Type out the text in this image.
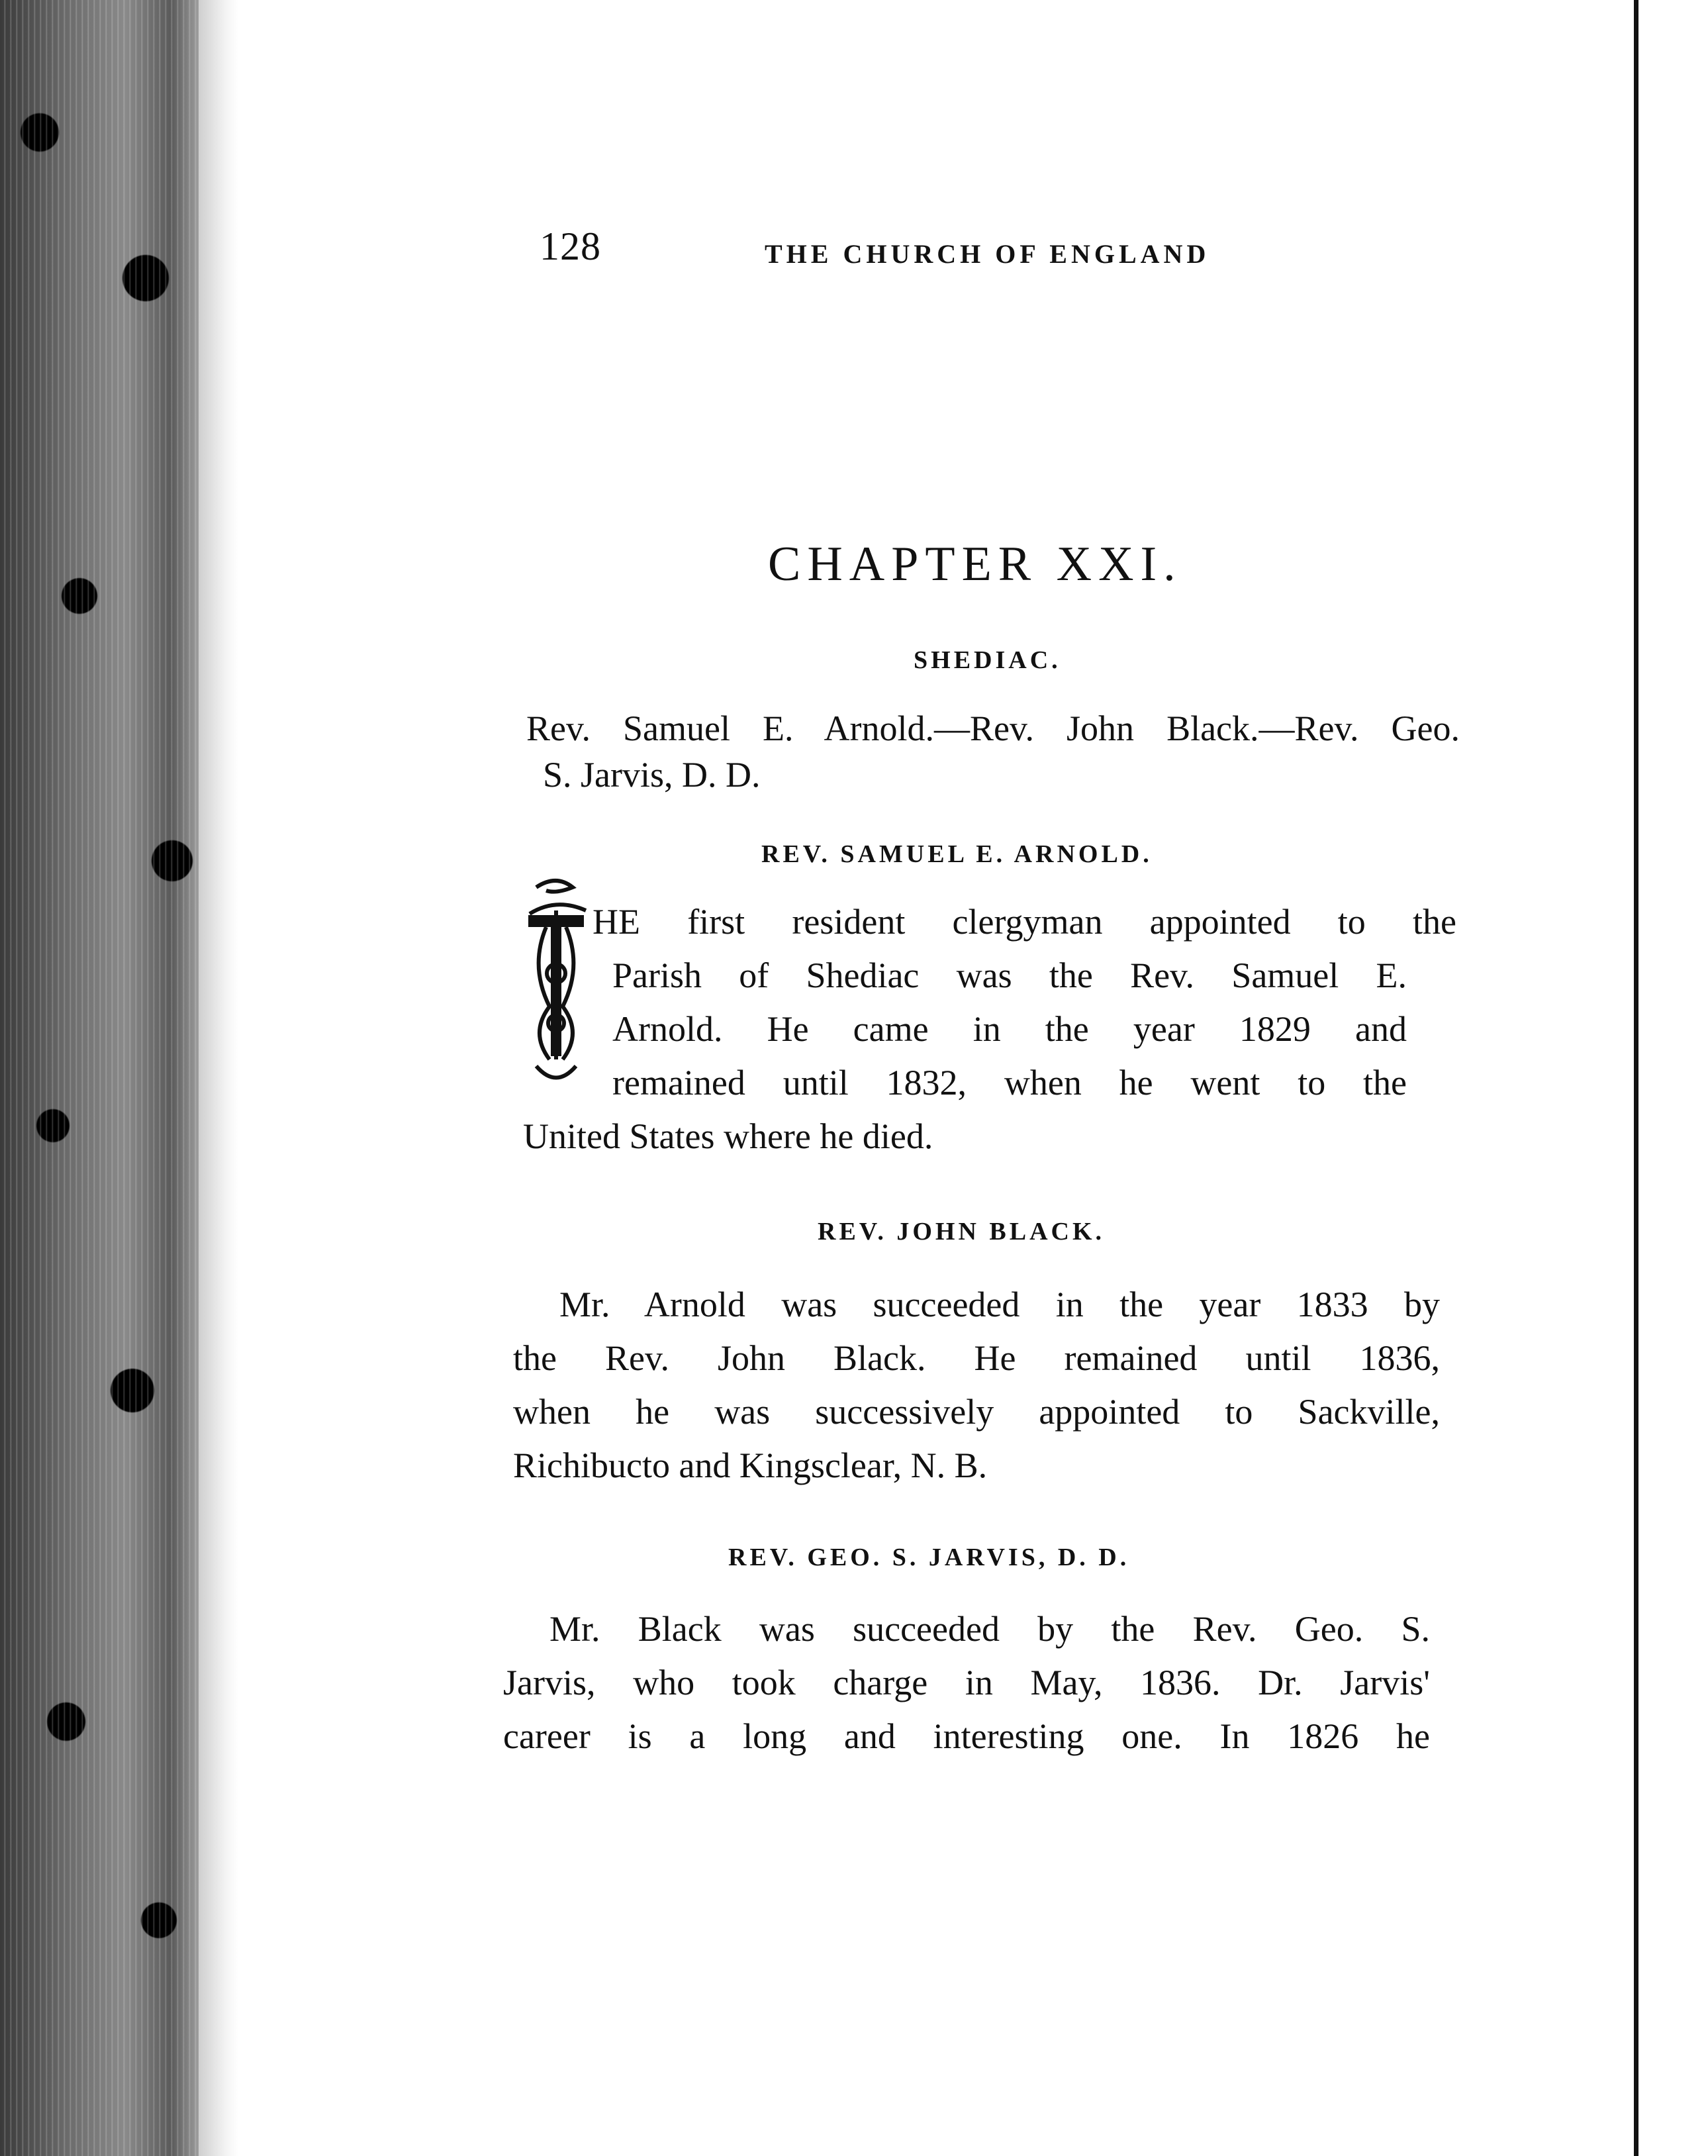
128	THE CHURCH OF ENGLAND
CHAPTER XXI.
SHEDIAC.
Rev. Samuel E. Arnold.—Rev. John Black.—Rev. Geo.
S. Jarvis, D. D.
REV. SAMUEL E. ARNOLD.
HE first resident clergyman appointed to the
Parish of Shediac was the Rev. Samuel E.
Arnold. He came in the year 1829 and
remained until 1832, when he went to the
United States where he died.
REV. JOHN BLACK.
Mr. Arnold was succeeded in the year 1833 by
the Rev. John Black. He remained until 1836,
when he was successively appointed to Sackville,
Richibucto and Kingsclear, N. B.
REV. GEO. S. JARVIS, D. D.
Mr. Black was succeeded by the Rev. Geo. S.
Jarvis, who took charge in May, 1836. Dr. Jarvis'
career is a long and interesting one. In 1826 he
